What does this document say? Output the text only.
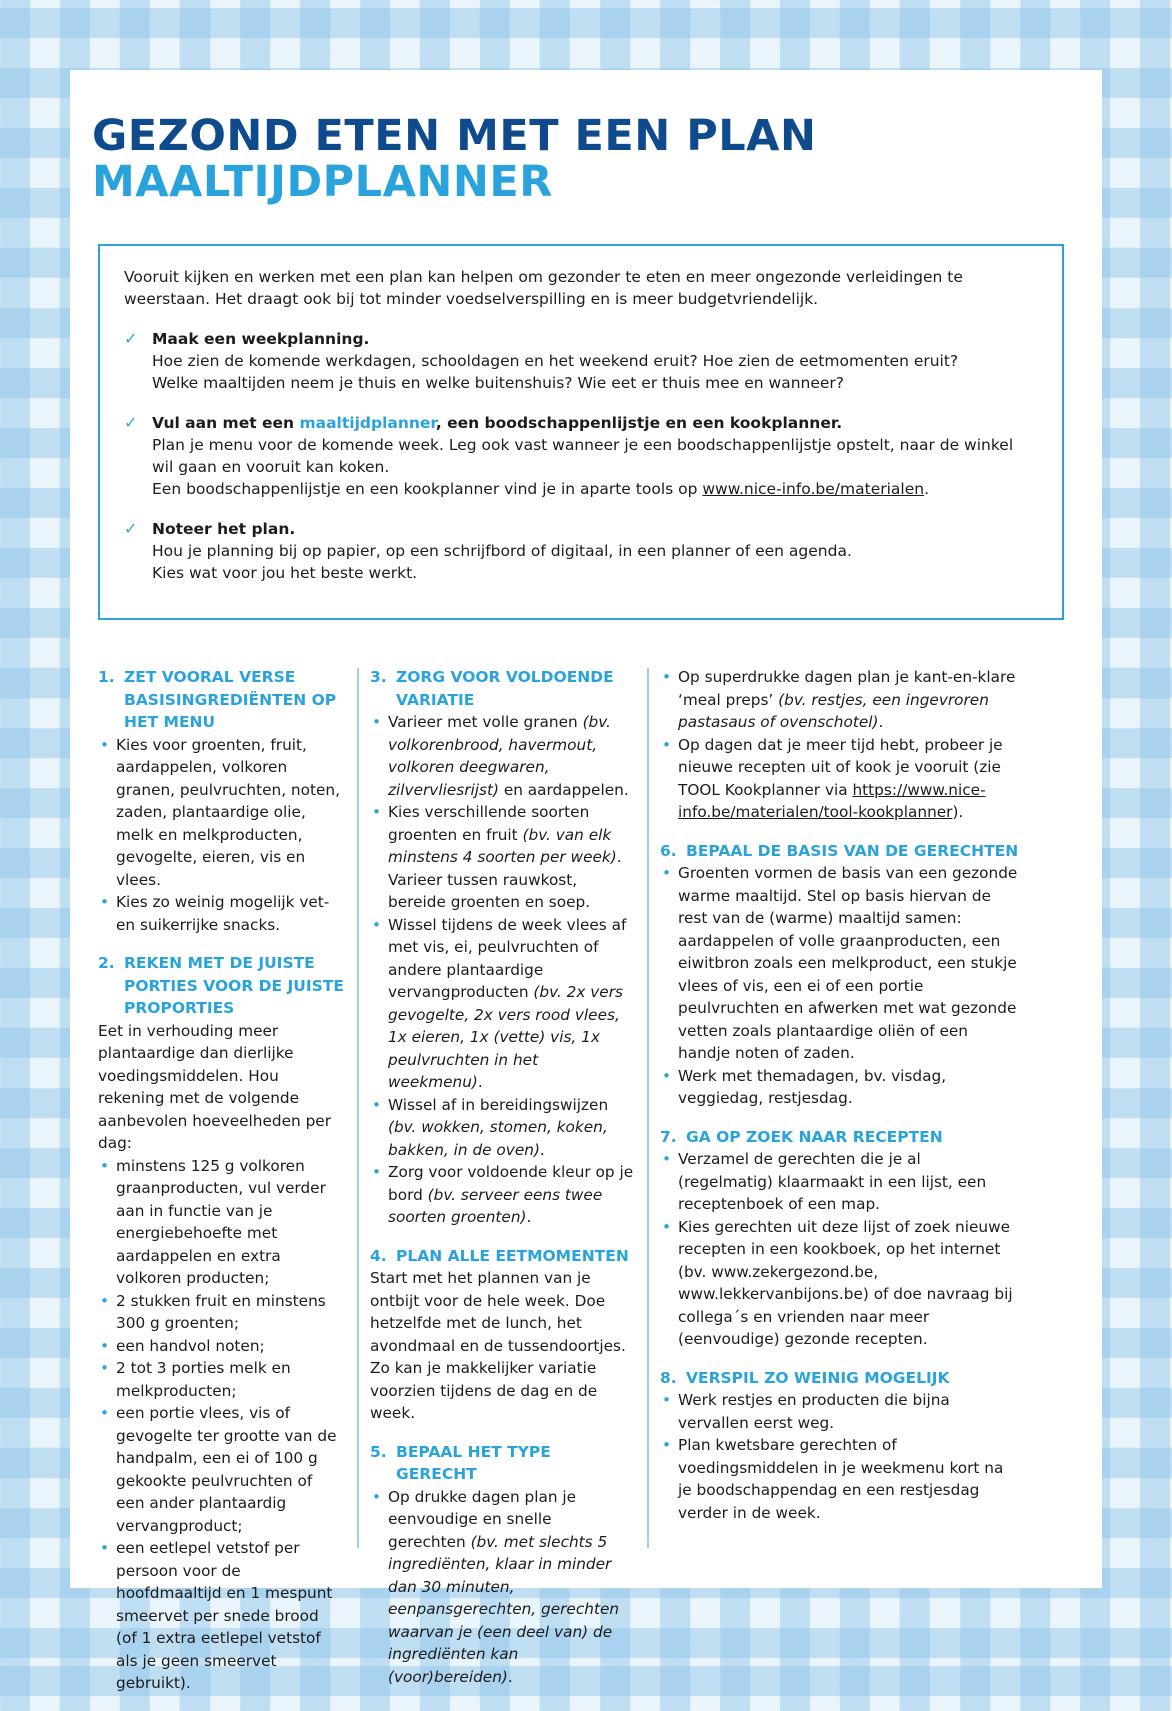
GEZOND ETEN MET EEN PLAN
MAALTIJDPLANNER

Vooruit kijken en werken met een plan kan helpen om gezonder te eten en meer ongezonde verleidingen te weerstaan. Het draagt ook bij tot minder voedselverspilling en is meer budgetvriendelijk.

✓ Maak een weekplanning.
Hoe zien de komende werkdagen, schooldagen en het weekend eruit? Hoe zien de eetmomenten eruit?
Welke maaltijden neem je thuis en welke buitenshuis? Wie eet er thuis mee en wanneer?
✓ Vul aan met een maaltijdplanner, een boodschappenlijstje en een kookplanner.
Plan je menu voor de komende week. Leg ook vast wanneer je een boodschappenlijstje opstelt, naar de winkel wil gaan en vooruit kan koken.
Een boodschappenlijstje en een kookplanner vind je in aparte tools op www.nice-info.be/materialen.
✓ Noteer het plan.
Hou je planning bij op papier, op een schrijfbord of digitaal, in een planner of een agenda.
Kies wat voor jou het beste werkt.
1. ZET VOORAL VERSE BASISINGREDIËNTEN OP HET MENU
• Kies voor groenten, fruit, aardappelen, volkoren granen, peulvruchten, noten, zaden, plantaardige olie, melk en melkproducten, gevogelte, eieren, vis en vlees.
• Kies zo weinig mogelijk vet- en suikerrijke snacks.
2. REKEN MET DE JUISTE PORTIES VOOR DE JUISTE PROPORTIES

Eet in verhouding meer plantaardige dan dierlijke voedingsmiddelen. Hou rekening met de volgende aanbevolen hoeveelheden per dag:

• minstens 125 g volkoren graanproducten, vul verder aan in functie van je energiebehoefte met aardappelen en extra volkoren producten;
• 2 stukken fruit en minstens 300 g groenten;
• een handvol noten;
• 2 tot 3 porties melk en melkproducten;
• een portie vlees, vis of gevogelte ter grootte van de handpalm, een ei of 100 g gekookte peulvruchten of een ander plantaardig vervangproduct;
• een eetlepel vetstof per persoon voor de hoofdmaaltijd en 1 mespunt smeervet per snede brood (of 1 extra eetlepel vetstof als je geen smeervet gebruikt).
3. ZORG VOOR VOLDOENDE VARIATIE
• Varieer met volle granen (bv. volkorenbrood, havermout, volkoren deegwaren, zilvervliesrijst) en aardappelen.
• Kies verschillende soorten groenten en fruit (bv. van elk minstens 4 soorten per week). Varieer tussen rauwkost, bereide groenten en soep.
• Wissel tijdens de week vlees af met vis, ei, peulvruchten of andere plantaardige vervangproducten (bv. 2x vers gevogelte, 2x vers rood vlees, 1x eieren, 1x (vette) vis, 1x peulvruchten in het weekmenu).
• Wissel af in bereidingswijzen (bv. wokken, stomen, koken, bakken, in de oven).
• Zorg voor voldoende kleur op je bord (bv. serveer eens twee soorten groenten).
4. PLAN ALLE EETMOMENTEN

Start met het plannen van je ontbijt voor de hele week. Doe hetzelfde met de lunch, het avondmaal en de tussendoortjes. Zo kan je makkelijker variatie voorzien tijdens de dag en de week.

5. BEPAAL HET TYPE GERECHT
• Op drukke dagen plan je eenvoudige en snelle gerechten (bv. met slechts 5 ingrediënten, klaar in minder dan 30 minuten, eenpansgerechten, gerechten waarvan je (een deel van) de ingrediënten kan (voor)bereiden).
• Op superdrukke dagen plan je kant-en-klare ‘meal preps’ (bv. restjes, een ingevroren pastasaus of ovenschotel).
• Op dagen dat je meer tijd hebt, probeer je nieuwe recepten uit of kook je vooruit (zie TOOL Kookplanner via https://www.nice-info.be/materialen/tool-kookplanner).
6. BEPAAL DE BASIS VAN DE GERECHTEN
• Groenten vormen de basis van een gezonde warme maaltijd. Stel op basis hiervan de rest van de (warme) maaltijd samen: aardappelen of volle graanproducten, een eiwitbron zoals een melkproduct, een stukje vlees of vis, een ei of een portie peulvruchten en afwerken met wat gezonde vetten zoals plantaardige oliën of een handje noten of zaden.
• Werk met themadagen, bv. visdag, veggiedag, restjesdag.
7. GA OP ZOEK NAAR RECEPTEN
• Verzamel de gerechten die je al (regelmatig) klaarmaakt in een lijst, een receptenboek of een map.
• Kies gerechten uit deze lijst of zoek nieuwe recepten in een kookboek, op het internet (bv. www.zekergezond.be, www.lekkervanbijons.be) of doe navraag bij collega´s en vrienden naar meer (eenvoudige) gezonde recepten.
8. VERSPIL ZO WEINIG MOGELIJK
• Werk restjes en producten die bijna vervallen eerst weg.
• Plan kwetsbare gerechten of voedingsmiddelen in je weekmenu kort na je boodschappendag en een restjesdag verder in de week.
